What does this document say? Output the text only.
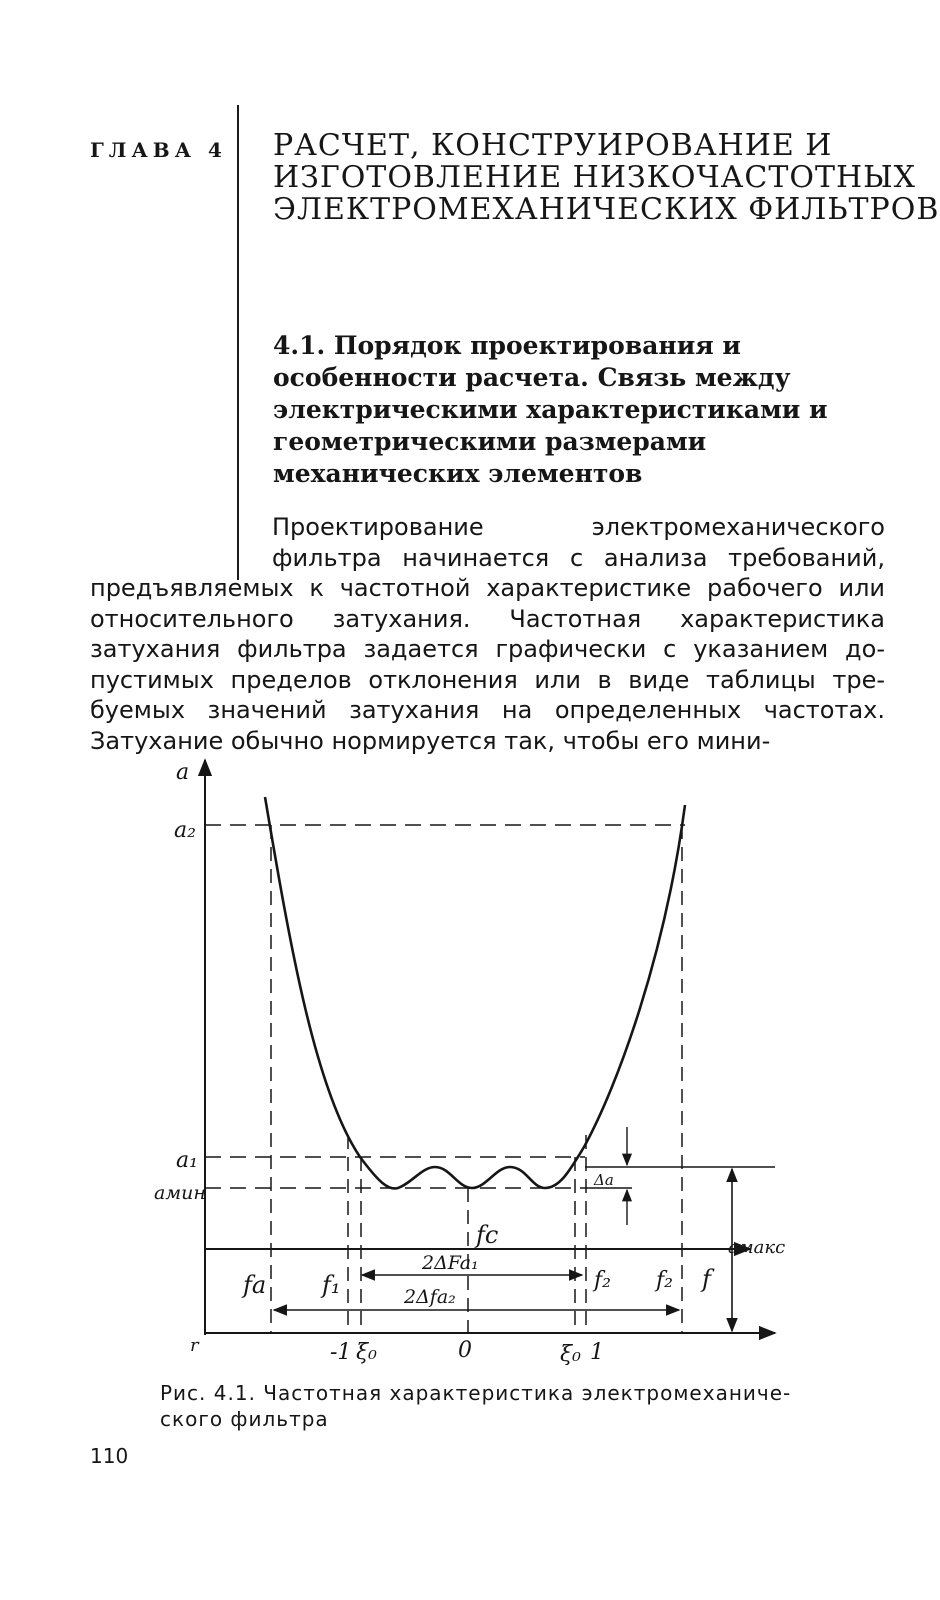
ГЛАВА 4 РАСЧЕТ, КОНСТРУИРОВАНИЕ И
ИЗГОТОВЛЕНИЕ НИЗКОЧАСТОТНЫХ
ЭЛЕКТРОМЕХАНИЧЕСКИХ ФИЛЬТРОВ
4.1. Порядок проектирования и
особенности расчета. Связь между
электрическими характеристиками и
геометрическими размерами
механических элементов
Проектирование электромеханического
фильтра начинается с анализа требований,
предъявляемых к частотной характеристике рабочего или
относительного затухания. Частотная характеристика
затухания фильтра задается графически с указанием до-
пустимых пределов отклонения или в виде таблицы тре-
буемых значений затухания на определенных частотах.
Затухание обычно нормируется так, чтобы его мини-
a
a₂
a₁
aмин
aмакс
Δa
fc
2ΔFa₁
2Δfa₂
fa f₁	f₂ f₂ f
r	-1 ξ₀	0	ξ₀ 1
Рис. 4.1. Частотная характеристика электромеханиче-ского фильтра
110
